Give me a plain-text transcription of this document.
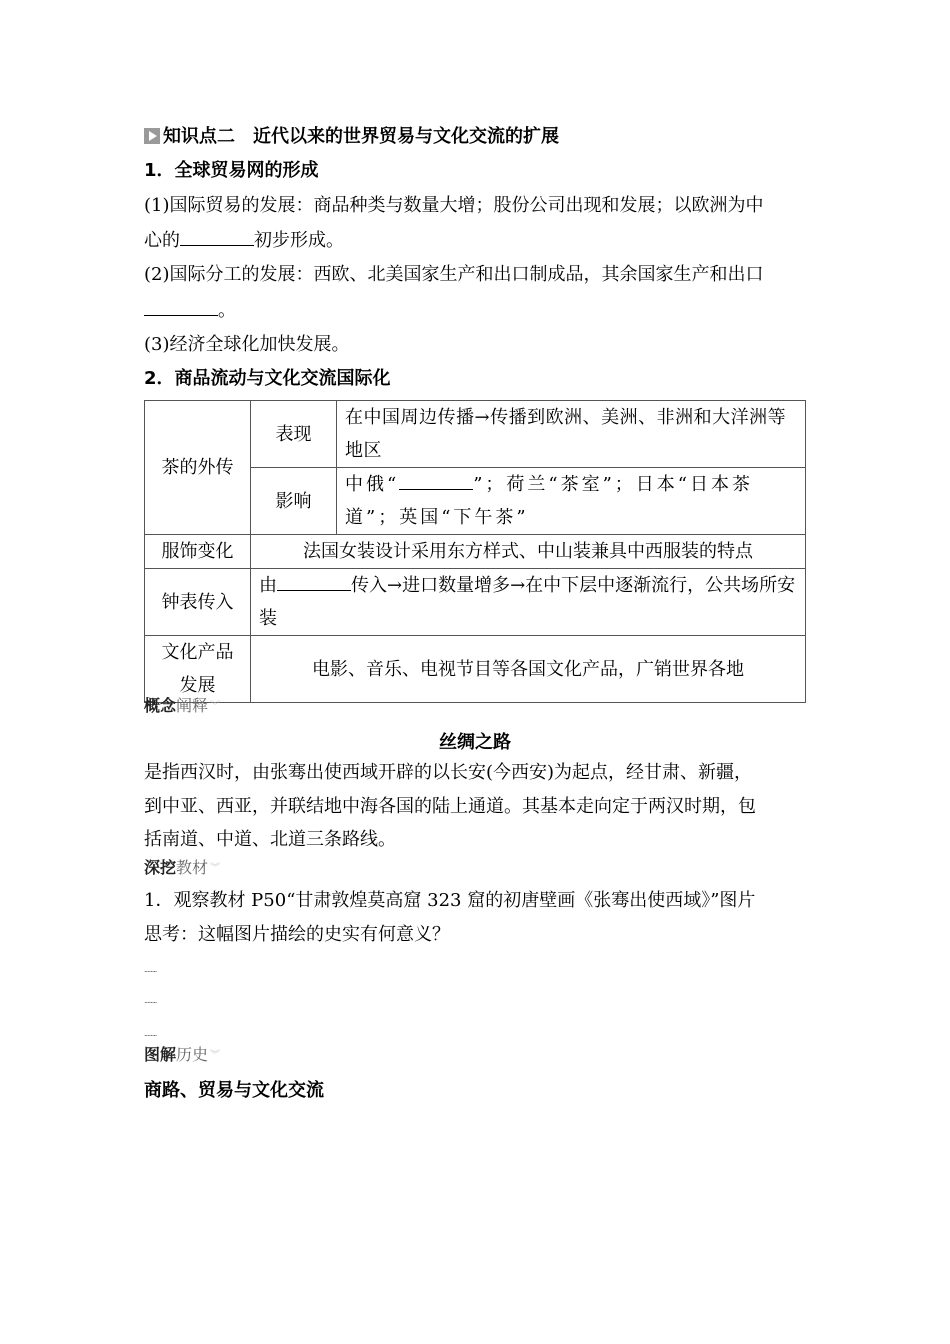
知识点二　近代以来的世界贸易与文化交流的扩展
1．全球贸易网的形成
(1)国际贸易的发展：商品种类与数量大增；股份公司出现和发展；以欧洲为中
心的	初步形成。
(2)国际分工的发展：西欧、北美国家生产和出口制成品，其余国家生产和出口
。
(3)经济全球化加快发展。
2．商品流动与文化交流国际化
茶的外传	表现	在中国周边传播→传播到欧洲、美洲、非洲和大洋洲等地区
	影响	中俄“ ”；荷兰“茶室”；日本“日本茶道”；英国“下午茶”
服饰变化	法国女装设计采用东方样式、中山装兼具中西服装的特点	
钟表传入	由 传入→进口数量增多→在中下层中逐渐流行，公共场所安装	
文化产品发展	电影、音乐、电视节目等各国文化产品，广销世界各地	
概念阐释 ︾
丝绸之路
是指西汉时，由张骞出使西域开辟的以长安(今西安)为起点，经甘肃、新疆，
到中亚、西亚，并联结地中海各国的陆上通道。其基本走向定于两汉时期，包
括南道、中道、北道三条路线。
深挖教材 ︾
1．观察教材 P50“甘肃敦煌莫高窟 323 窟的初唐壁画《张骞出使西域》”图片
思考：这幅图片描绘的史实有何意义？
........
........
........
图解历史 ︾
商路、贸易与文化交流
